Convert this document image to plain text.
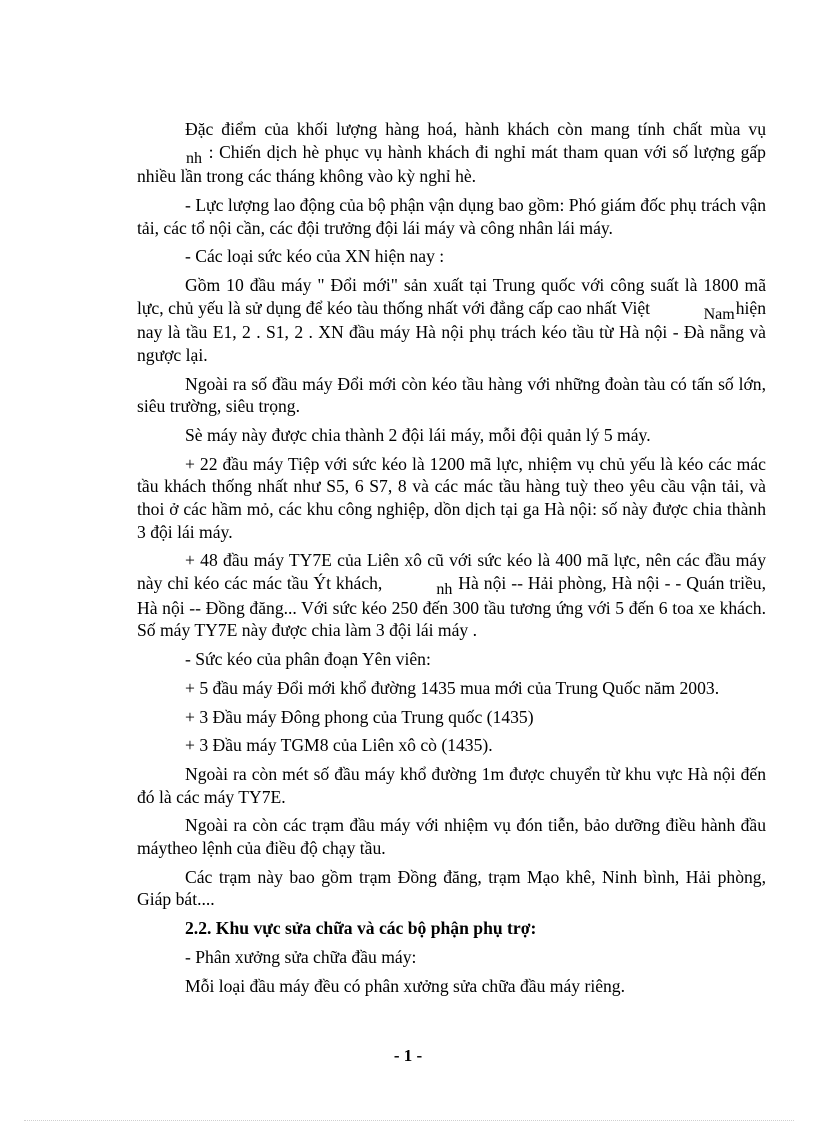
Đặc điểm của khối lượng hàng hoá, hành khách còn mang tính chất mùa vụ nh : Chiến dịch hè phục vụ hành khách đi nghỉ mát tham quan với số lượng gấp nhiều lần trong các tháng không vào kỳ nghỉ hè.

- Lực lượng lao động của bộ phận vận dụng bao gồm: Phó giám đốc phụ trách vận tải, các tổ nội cần, các đội trưởng đội lái máy và công nhân lái máy.

- Các loại sức kéo của XN hiện nay :

Gồm 10 đầu máy " Đổi mới" sản xuất tại Trung quốc với công suất là 1800 mã lực, chủ yếu là sử dụng để kéo tàu thống nhất với đẳng cấp cao nhất Việt	Namhiện nay là tầu E1, 2 . S1, 2 . XN đầu máy Hà nội phụ trách kéo tầu từ Hà nội - Đà nẵng và ngược lại.

Ngoài ra số đầu máy Đổi mới còn kéo tầu hàng với những đoàn tàu có tấn số lớn, siêu trường, siêu trọng.

Sè máy này được chia thành 2 đội lái máy, mỗi đội quản lý 5 máy.

+ 22 đầu máy Tiệp với sức kéo là 1200 mã lực, nhiệm vụ chủ yếu là kéo các mác tầu khách thống nhất như S5, 6 S7, 8 và các mác tầu hàng tuỳ theo yêu cầu vận tải, và thoi ở các hầm mỏ, các khu công nghiệp, dồn dịch tại ga Hà nội: số này được chia thành 3 đội lái máy.

+ 48 đầu máy TY7E của Liên xô cũ với sức kéo là 400 mã lực, nên các đầu máy này chỉ kéo các mác tầu Ýt khách,	nh Hà nội -- Hải phòng, Hà nội - - Quán triều, Hà nội -- Đồng đăng... Với sức kéo 250 đến 300 tầu tương ứng với 5 đến 6 toa xe khách. Số máy TY7E này được chia làm 3 đội lái máy .

- Sức kéo của phân đoạn Yên viên:

+ 5 đầu máy Đổi mới khổ đường 1435 mua mới của Trung Quốc năm 2003.

+ 3 Đầu máy Đông phong của Trung quốc (1435)

+ 3 Đầu máy TGM8 của Liên xô cò (1435).

Ngoài ra còn mét số đầu máy khổ đường 1m được chuyển từ khu vực Hà nội đến đó là các máy TY7E.

Ngoài ra còn các trạm đầu máy với nhiệm vụ đón tiễn, bảo dưỡng điều hành đầu máytheo lệnh của điều độ chạy tầu.

Các trạm này bao gồm trạm Đồng đăng, trạm Mạo khê, Ninh bình, Hải phòng, Giáp bát....

2.2. Khu vực sửa chữa và các bộ phận phụ trợ:

- Phân xưởng sửa chữa đầu máy:

Mỗi loại đầu máy đều có phân xưởng sửa chữa đầu máy riêng.

- 1 -
